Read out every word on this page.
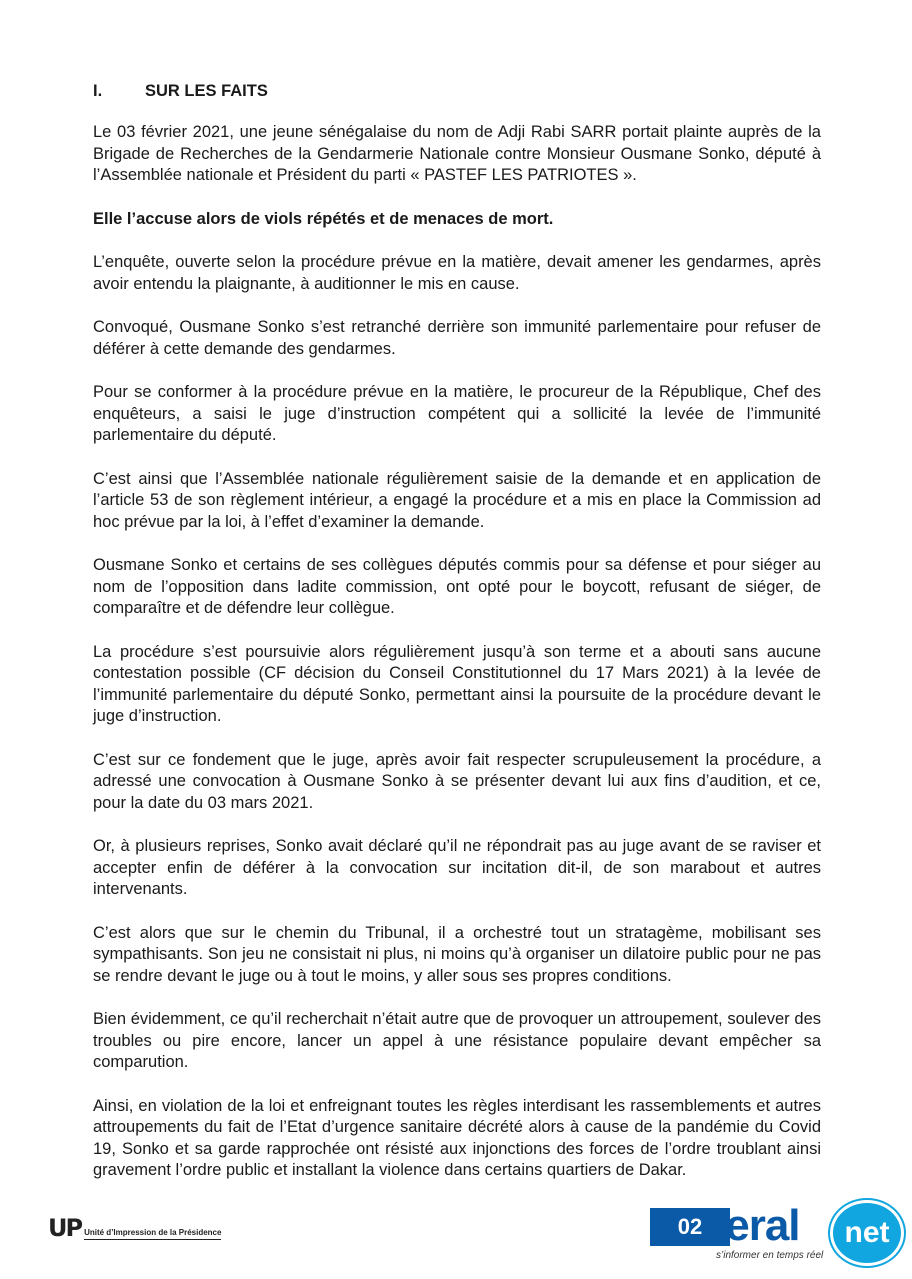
I.	SUR LES FAITS

Le 03 février 2021, une jeune sénégalaise du nom de Adji Rabi SARR portait plainte auprès de la Brigade de Recherches de la Gendarmerie Nationale contre Monsieur Ousmane Sonko, député à l’Assemblée nationale et Président du parti « PASTEF LES PATRIOTES ».

Elle l’accuse alors de viols répétés et de menaces de mort.

L’enquête, ouverte selon la procédure prévue en la matière, devait amener les gendarmes, après avoir entendu la plaignante, à auditionner le mis en cause.

Convoqué, Ousmane Sonko s’est retranché derrière son immunité parlementaire pour refuser de déférer à cette demande des gendarmes.

Pour se conformer à la procédure prévue en la matière, le procureur de la République, Chef des enquêteurs, a saisi le juge d’instruction compétent qui a sollicité la levée de l’immunité parlementaire du député.

C’est ainsi que l’Assemblée nationale régulièrement saisie de la demande et en application de l’article 53 de son règlement intérieur, a engagé la procédure et a mis en place la Commission ad hoc prévue par la loi, à l’effet d’examiner la demande.

Ousmane Sonko et certains de ses collègues députés commis pour sa défense et pour siéger au nom de l’opposition dans ladite commission, ont opté pour le boycott, refusant de siéger, de comparaître et de défendre leur collègue.

La procédure s’est poursuivie alors régulièrement jusqu’à son terme et a abouti sans aucune contestation possible (CF décision du Conseil Constitutionnel du 17 Mars 2021) à la levée de l’immunité parlementaire du député Sonko, permettant ainsi la poursuite de la procédure devant le juge d’instruction.

C’est sur ce fondement que le juge, après avoir fait respecter scrupuleusement la procédure, a adressé une convocation à Ousmane Sonko à se présenter devant lui aux fins d’audition, et ce, pour la date du 03 mars 2021.

Or, à plusieurs reprises, Sonko avait déclaré qu’il ne répondrait pas au juge avant de se raviser et accepter enfin de déférer à la convocation sur incitation dit-il, de son marabout et autres intervenants.

C’est alors que sur le chemin du Tribunal, il a orchestré tout un stratagème, mobilisant ses sympathisants. Son jeu ne consistait ni plus, ni moins qu’à organiser un dilatoire public pour ne pas se rendre devant le juge ou à tout le moins, y aller sous ses propres conditions.

Bien évidemment, ce qu’il recherchait n’était autre que de provoquer un attroupement, soulever des troubles ou pire encore, lancer un appel à une résistance populaire devant empêcher sa comparution.

Ainsi, en violation de la loi et enfreignant toutes les règles interdisant les rassemblements et autres attroupements du fait de l’Etat d’urgence sanitaire décrété alors à cause de la pandémie du Covid 19, Sonko et sa garde rapprochée ont résisté aux injonctions des forces de l’ordre troublant ainsi gravement l’ordre public et installant la violence dans certains quartiers de Dakar.

UP Unité d’Impression de la Présidence	02 leral net
s’informer en temps réel
